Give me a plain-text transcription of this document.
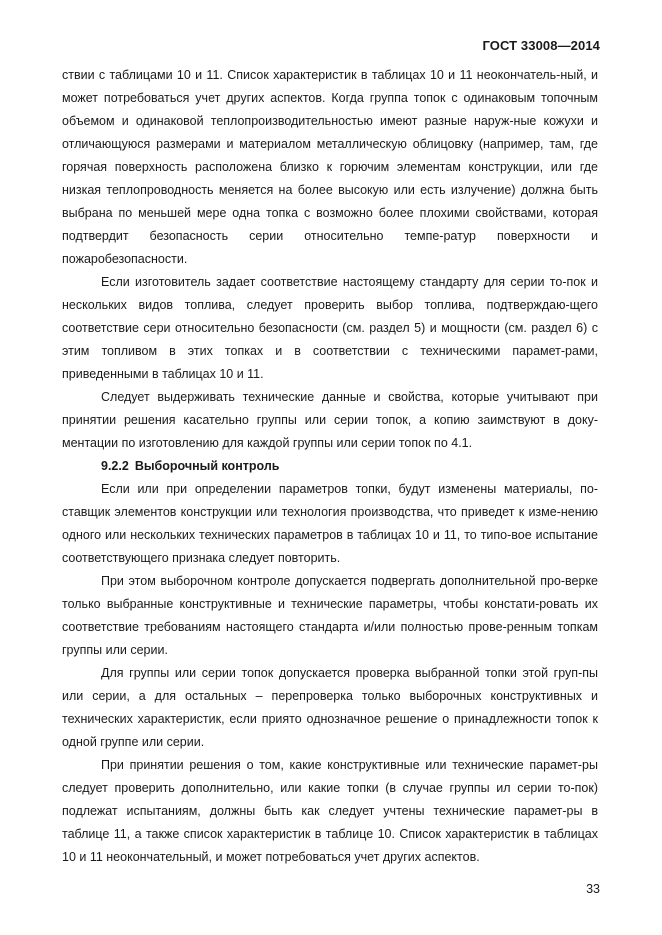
ГОСТ 33008—2014

ствии с таблицами 10 и 11. Список характеристик в таблицах 10 и 11 неокончатель-ный, и может потребоваться учет других аспектов. Когда группа топок с одинаковым топочным объемом и одинаковой теплопроизводительностью имеют разные наруж-ные кожухи и отличающуюся размерами и материалом металлическую облицовку (например, там, где горячая поверхность расположена близко к горючим элементам конструкции, или где низкая теплопроводность меняется на более высокую или есть излучение) должна быть выбрана по меньшей мере одна топка с возможно более плохими свойствами, которая подтвердит безопасность серии относительно темпе-ратур поверхности и пожаробезопасности.

Если изготовитель задает соответствие настоящему стандарту для серии то-пок и нескольких видов топлива, следует проверить выбор топлива, подтверждаю-щего соответствие сери относительно безопасности (см. раздел 5) и мощности (см. раздел 6) с этим топливом в этих топках и в соответствии с техническими парамет-рами, приведенными в таблицах 10 и 11.

Следует выдерживать технические данные и свойства, которые учитывают при принятии решения касательно группы или серии топок, а копию заимствуют в доку-ментации по изготовлению для каждой группы или серии топок по 4.1.

9.2.2 Выборочный контроль

Если или при определении параметров топки, будут изменены материалы, по-ставщик элементов конструкции или технология производства, что приведет к изме-нению одного или нескольких технических параметров в таблицах 10 и 11, то типо-вое испытание соответствующего признака следует повторить.

При этом выборочном контроле допускается подвергать дополнительной про-верке только выбранные конструктивные и технические параметры, чтобы констати-ровать их соответствие требованиям настоящего стандарта и/или полностью прове-ренным топкам группы или серии.

Для группы или серии топок допускается проверка выбранной топки этой груп-пы или серии, а для остальных – перепроверка только выборочных конструктивных и технических характеристик, если приято однозначное решение о принадлежности топок к одной группе или серии.

При принятии решения о том, какие конструктивные или технические парамет-ры следует проверить дополнительно, или какие топки (в случае группы ил серии то-пок) подлежат испытаниям, должны быть как следует учтены технические парамет-ры в таблице 11, а также список характеристик в таблице 10. Список характеристик в таблицах 10 и 11 неокончательный, и может потребоваться учет других аспектов.

33
